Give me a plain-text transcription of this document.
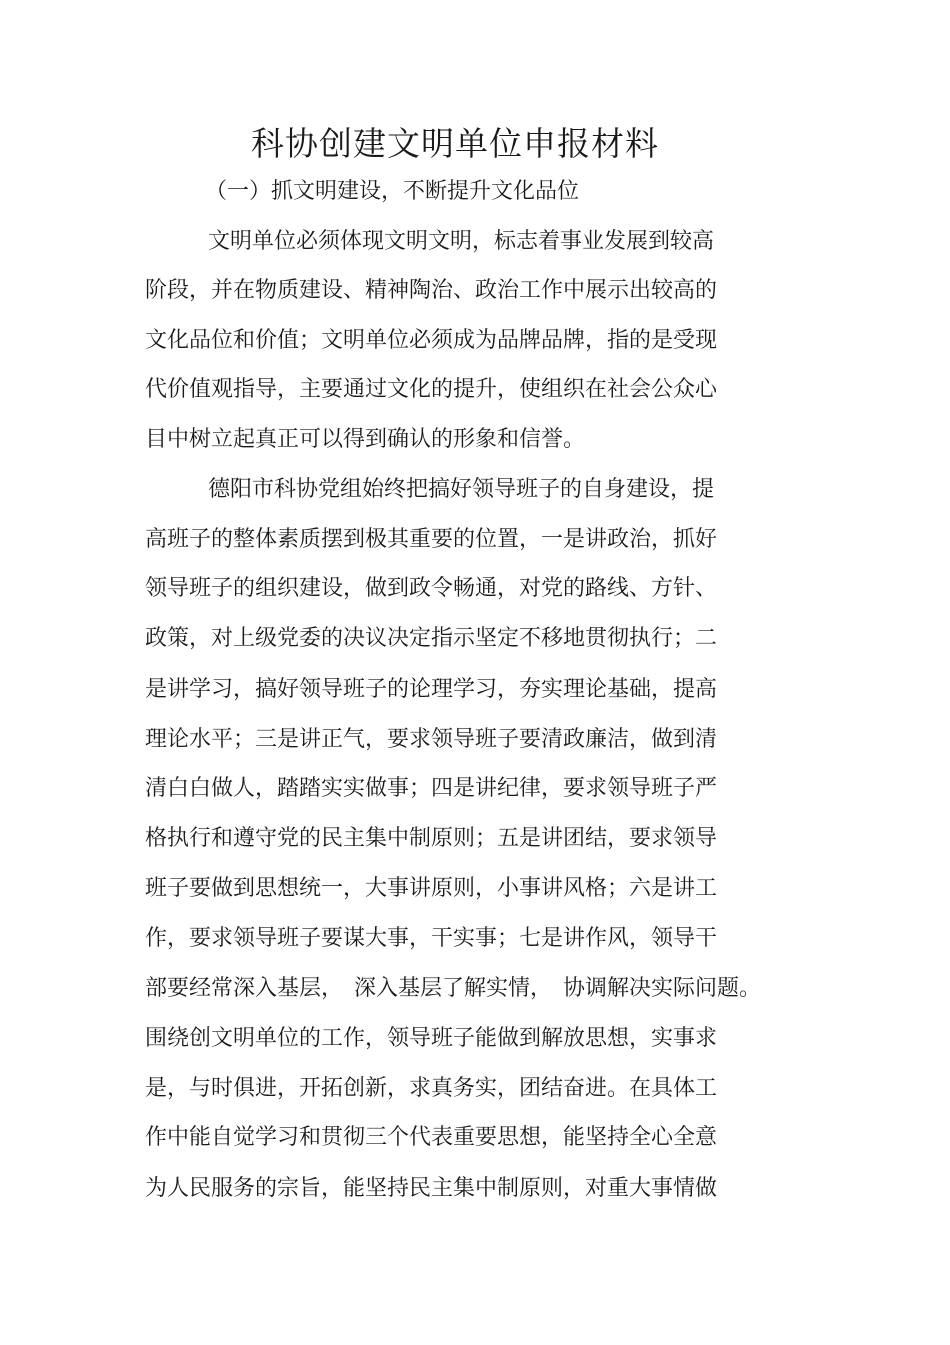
科协创建文明单位申报材料
（一）抓文明建设，不断提升文化品位
文明单位必须体现文明文明，标志着事业发展到较高
阶段，并在物质建设、精神陶治、政治工作中展示出较高的
文化品位和价值；文明单位必须成为品牌品牌，指的是受现
代价值观指导，主要通过文化的提升，使组织在社会公众心
目中树立起真正可以得到确认的形象和信誉。
德阳市科协党组始终把搞好领导班子的自身建设，提
高班子的整体素质摆到极其重要的位置，一是讲政治，抓好
领导班子的组织建设，做到政令畅通，对党的路线、方针、
政策，对上级党委的决议决定指示坚定不移地贯彻执行；二
是讲学习，搞好领导班子的论理学习，夯实理论基础，提高
理论水平；三是讲正气，要求领导班子要清政廉洁，做到清
清白白做人，踏踏实实做事；四是讲纪律，要求领导班子严
格执行和遵守党的民主集中制原则；五是讲团结，要求领导
班子要做到思想统一，大事讲原则，小事讲风格；六是讲工
作，要求领导班子要谋大事，干实事；七是讲作风，领导干
部要经常深入基层，　深入基层了解实情，　协调解决实际问题。
围绕创文明单位的工作，领导班子能做到解放思想，实事求
是，与时俱进，开拓创新，求真务实，团结奋进。在具体工
作中能自觉学习和贯彻三个代表重要思想，能坚持全心全意
为人民服务的宗旨，能坚持民主集中制原则，对重大事情做
